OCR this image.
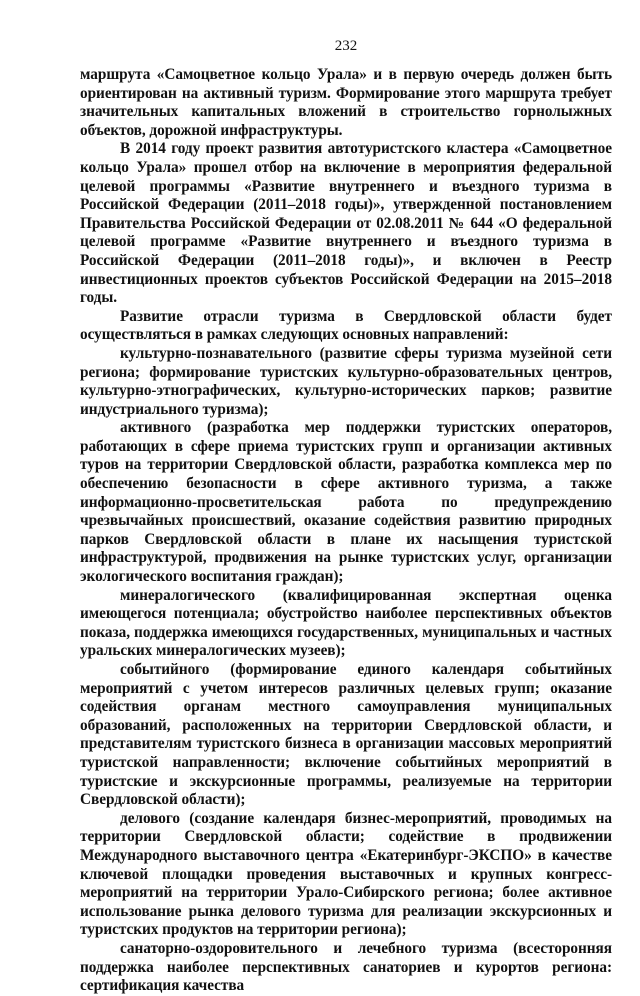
232

маршрута «Самоцветное кольцо Урала» и в первую очередь должен быть ориентирован на активный туризм. Формирование этого маршрута требует значительных капитальных вложений в строительство горнолыжных объектов, дорожной инфраструктуры.

В 2014 году проект развития автотуристского кластера «Самоцветное кольцо Урала» прошел отбор на включение в мероприятия федеральной целевой программы «Развитие внутреннего и въездного туризма в Российской Федерации (2011–2018 годы)», утвержденной постановлением Правительства Российской Федерации от 02.08.2011 № 644 «О федеральной целевой программе «Развитие внутреннего и въездного туризма в Российской Федерации (2011–2018 годы)», и включен в Реестр инвестиционных проектов субъектов Российской Федерации на 2015–2018 годы.

Развитие отрасли туризма в Свердловской области будет осуществляться в рамках следующих основных направлений:

культурно-познавательного (развитие сферы туризма музейной сети региона; формирование туристских культурно-образовательных центров, культурно-этнографических, культурно-исторических парков; развитие индустриального туризма);

активного (разработка мер поддержки туристских операторов, работающих в сфере приема туристских групп и организации активных туров на территории Свердловской области, разработка комплекса мер по обеспечению безопасности в сфере активного туризма, а также информационно-просветительская работа по предупреждению чрезвычайных происшествий, оказание содействия развитию природных парков Свердловской области в плане их насыщения туристской инфраструктурой, продвижения на рынке туристских услуг, организации экологического воспитания граждан);

минералогического (квалифицированная экспертная оценка имеющегося потенциала; обустройство наиболее перспективных объектов показа, поддержка имеющихся государственных, муниципальных и частных уральских минералогических музеев);

событийного (формирование единого календаря событийных мероприятий с учетом интересов различных целевых групп; оказание содействия органам местного самоуправления муниципальных образований, расположенных на территории Свердловской области, и представителям туристского бизнеса в организации массовых мероприятий туристской направленности; включение событийных мероприятий в туристские и экскурсионные программы, реализуемые на территории Свердловской области);

делового (создание календаря бизнес-мероприятий, проводимых на территории Свердловской области; содействие в продвижении Международного выставочного центра «Екатеринбург-ЭКСПО» в качестве ключевой площадки проведения выставочных и крупных конгресс-мероприятий на территории Урало-Сибирского региона; более активное использование рынка делового туризма для реализации экскурсионных и туристских продуктов на территории региона);

санаторно-оздоровительного и лечебного туризма (всесторонняя поддержка наиболее перспективных санаториев и курортов региона: сертификация качества
